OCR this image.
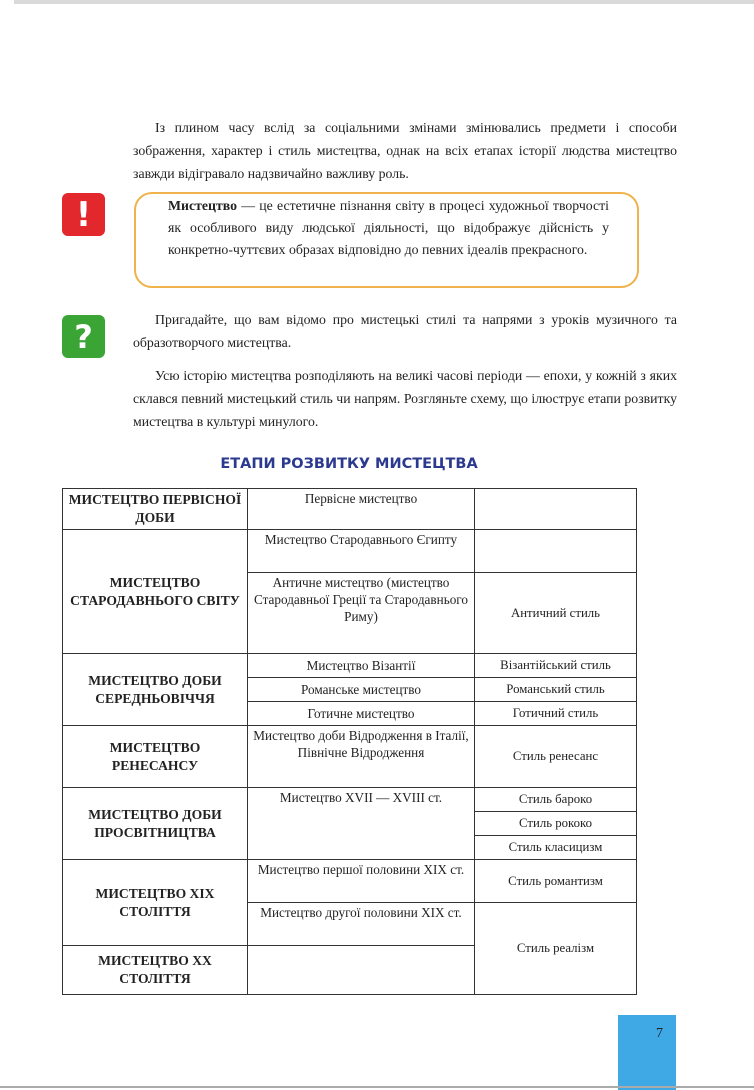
Із плином часу вслід за соціальними змінами змінювались предмети і способи зображення, характер і стиль мистецтва, однак на всіх етапах історії людства мистецтво завжди відігравало надзвичайно важливу роль.

!	Мистецтво — це естетичне пізнання світу в процесі художньої творчості як особливого виду людської діяльності, що відображує дійсність у конкретно-чуттєвих образах відповідно до певних ідеалів прекрасного.

?	Пригадайте, що вам відомо про мистецькі стилі та напрями з уроків музичного та образотворчого мистецтва.

Усю історію мистецтва розподіляють на великі часові періоди — епохи, у кожній з яких склався певний мистецький стиль чи напрям. Розгляньте схему, що ілюструє етапи розвитку мистецтва в культурі минулого.

ЕТАПИ РОЗВИТКУ МИСТЕЦТВА

МИСТЕЦТВО ПЕРВІСНОЇ ДОБИ	Первісне мистецтво	
МИСТЕЦТВО СТАРОДАВНЬОГО СВІТУ	Мистецтво Стародавнього Єгипту	
	Античне мистецтво (мистецтво Стародавньої Греції та Стародавнього Риму)	Античний стиль
МИСТЕЦТВО ДОБИ СЕРЕДНЬОВІЧЧЯ	Мистецтво Візантії	Візантійський стиль
	Романське мистецтво	Романський стиль
	Готичне мистецтво	Готичний стиль
МИСТЕЦТВО РЕНЕСАНСУ	Мистецтво доби Відродження в Італії, Північне Відродження	Стиль ренесанс
МИСТЕЦТВО ДОБИ ПРОСВІТНИЦТВА	Мистецтво XVII — XVIII ст.	Стиль бароко
		Стиль рококо
		Стиль класицизм
МИСТЕЦТВО XIX СТОЛІТТЯ	Мистецтво першої половини XIX ст.	Стиль романтизм
	Мистецтво другої половини XIX ст.	Стиль реалізм
МИСТЕЦТВО XX СТОЛІТТЯ		
7
